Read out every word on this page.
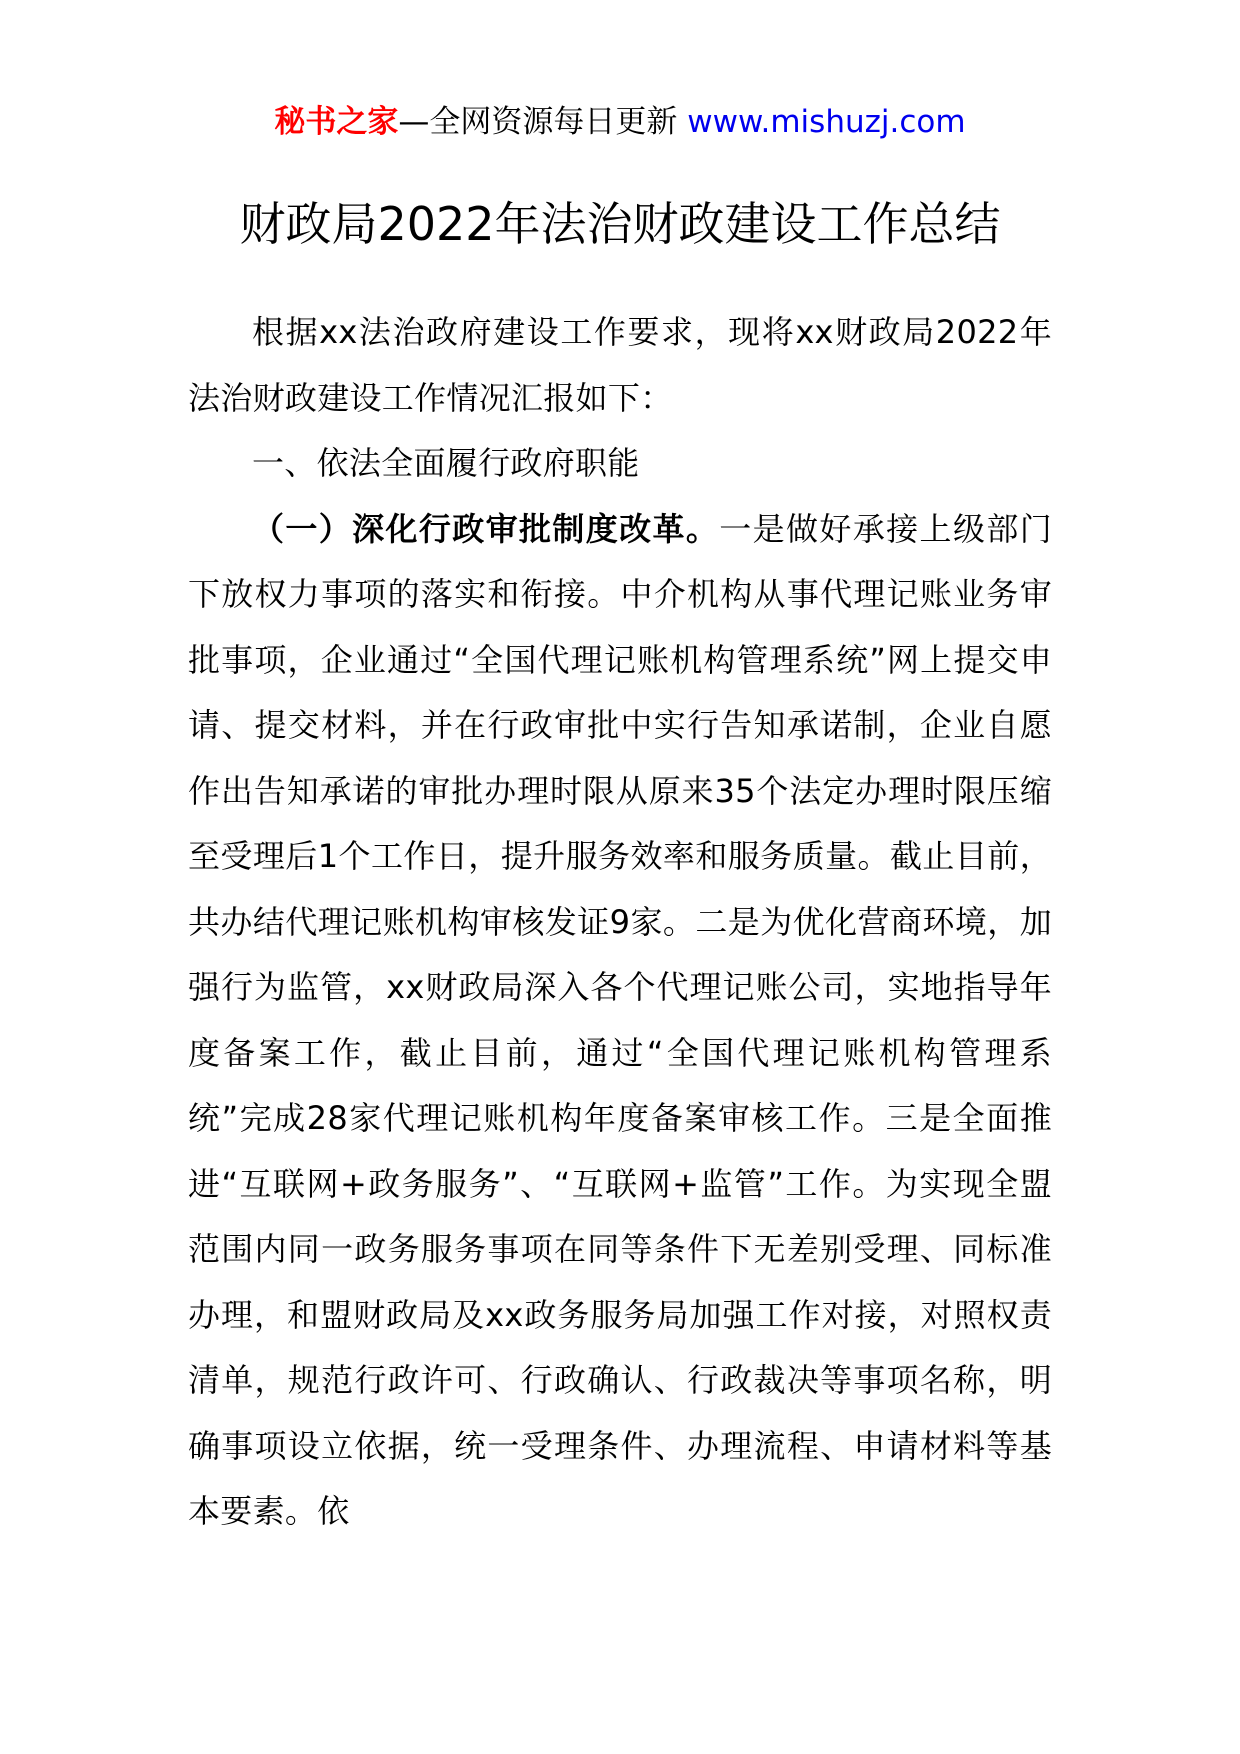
秘书之家—全网资源每日更新 www.mishuzj.com
财政局2022年法治财政建设工作总结

根据xx法治政府建设工作要求，现将xx财政局2022年法治财政建设工作情况汇报如下：

一、依法全面履行政府职能

（一）深化行政审批制度改革。一是做好承接上级部门下放权力事项的落实和衔接。中介机构从事代理记账业务审批事项，企业通过“全国代理记账机构管理系统”网上提交申请、提交材料，并在行政审批中实行告知承诺制，企业自愿作出告知承诺的审批办理时限从原来35个法定办理时限压缩至受理后1个工作日，提升服务效率和服务质量。截止目前，共办结代理记账机构审核发证9家。二是为优化营商环境，加强行为监管，xx财政局深入各个代理记账公司，实地指导年度备案工作，截止目前，通过“全国代理记账机构管理系统”完成28家代理记账机构年度备案审核工作。三是全面推进“互联网+政务服务”、“互联网+监管”工作。为实现全盟范围内同一政务服务事项在同等条件下无差别受理、同标准办理，和盟财政局及xx政务服务局加强工作对接，对照权责清单，规范行政许可、行政确认、行政裁决等事项名称，明确事项设立依据，统一受理条件、办理流程、申请材料等基本要素。依
